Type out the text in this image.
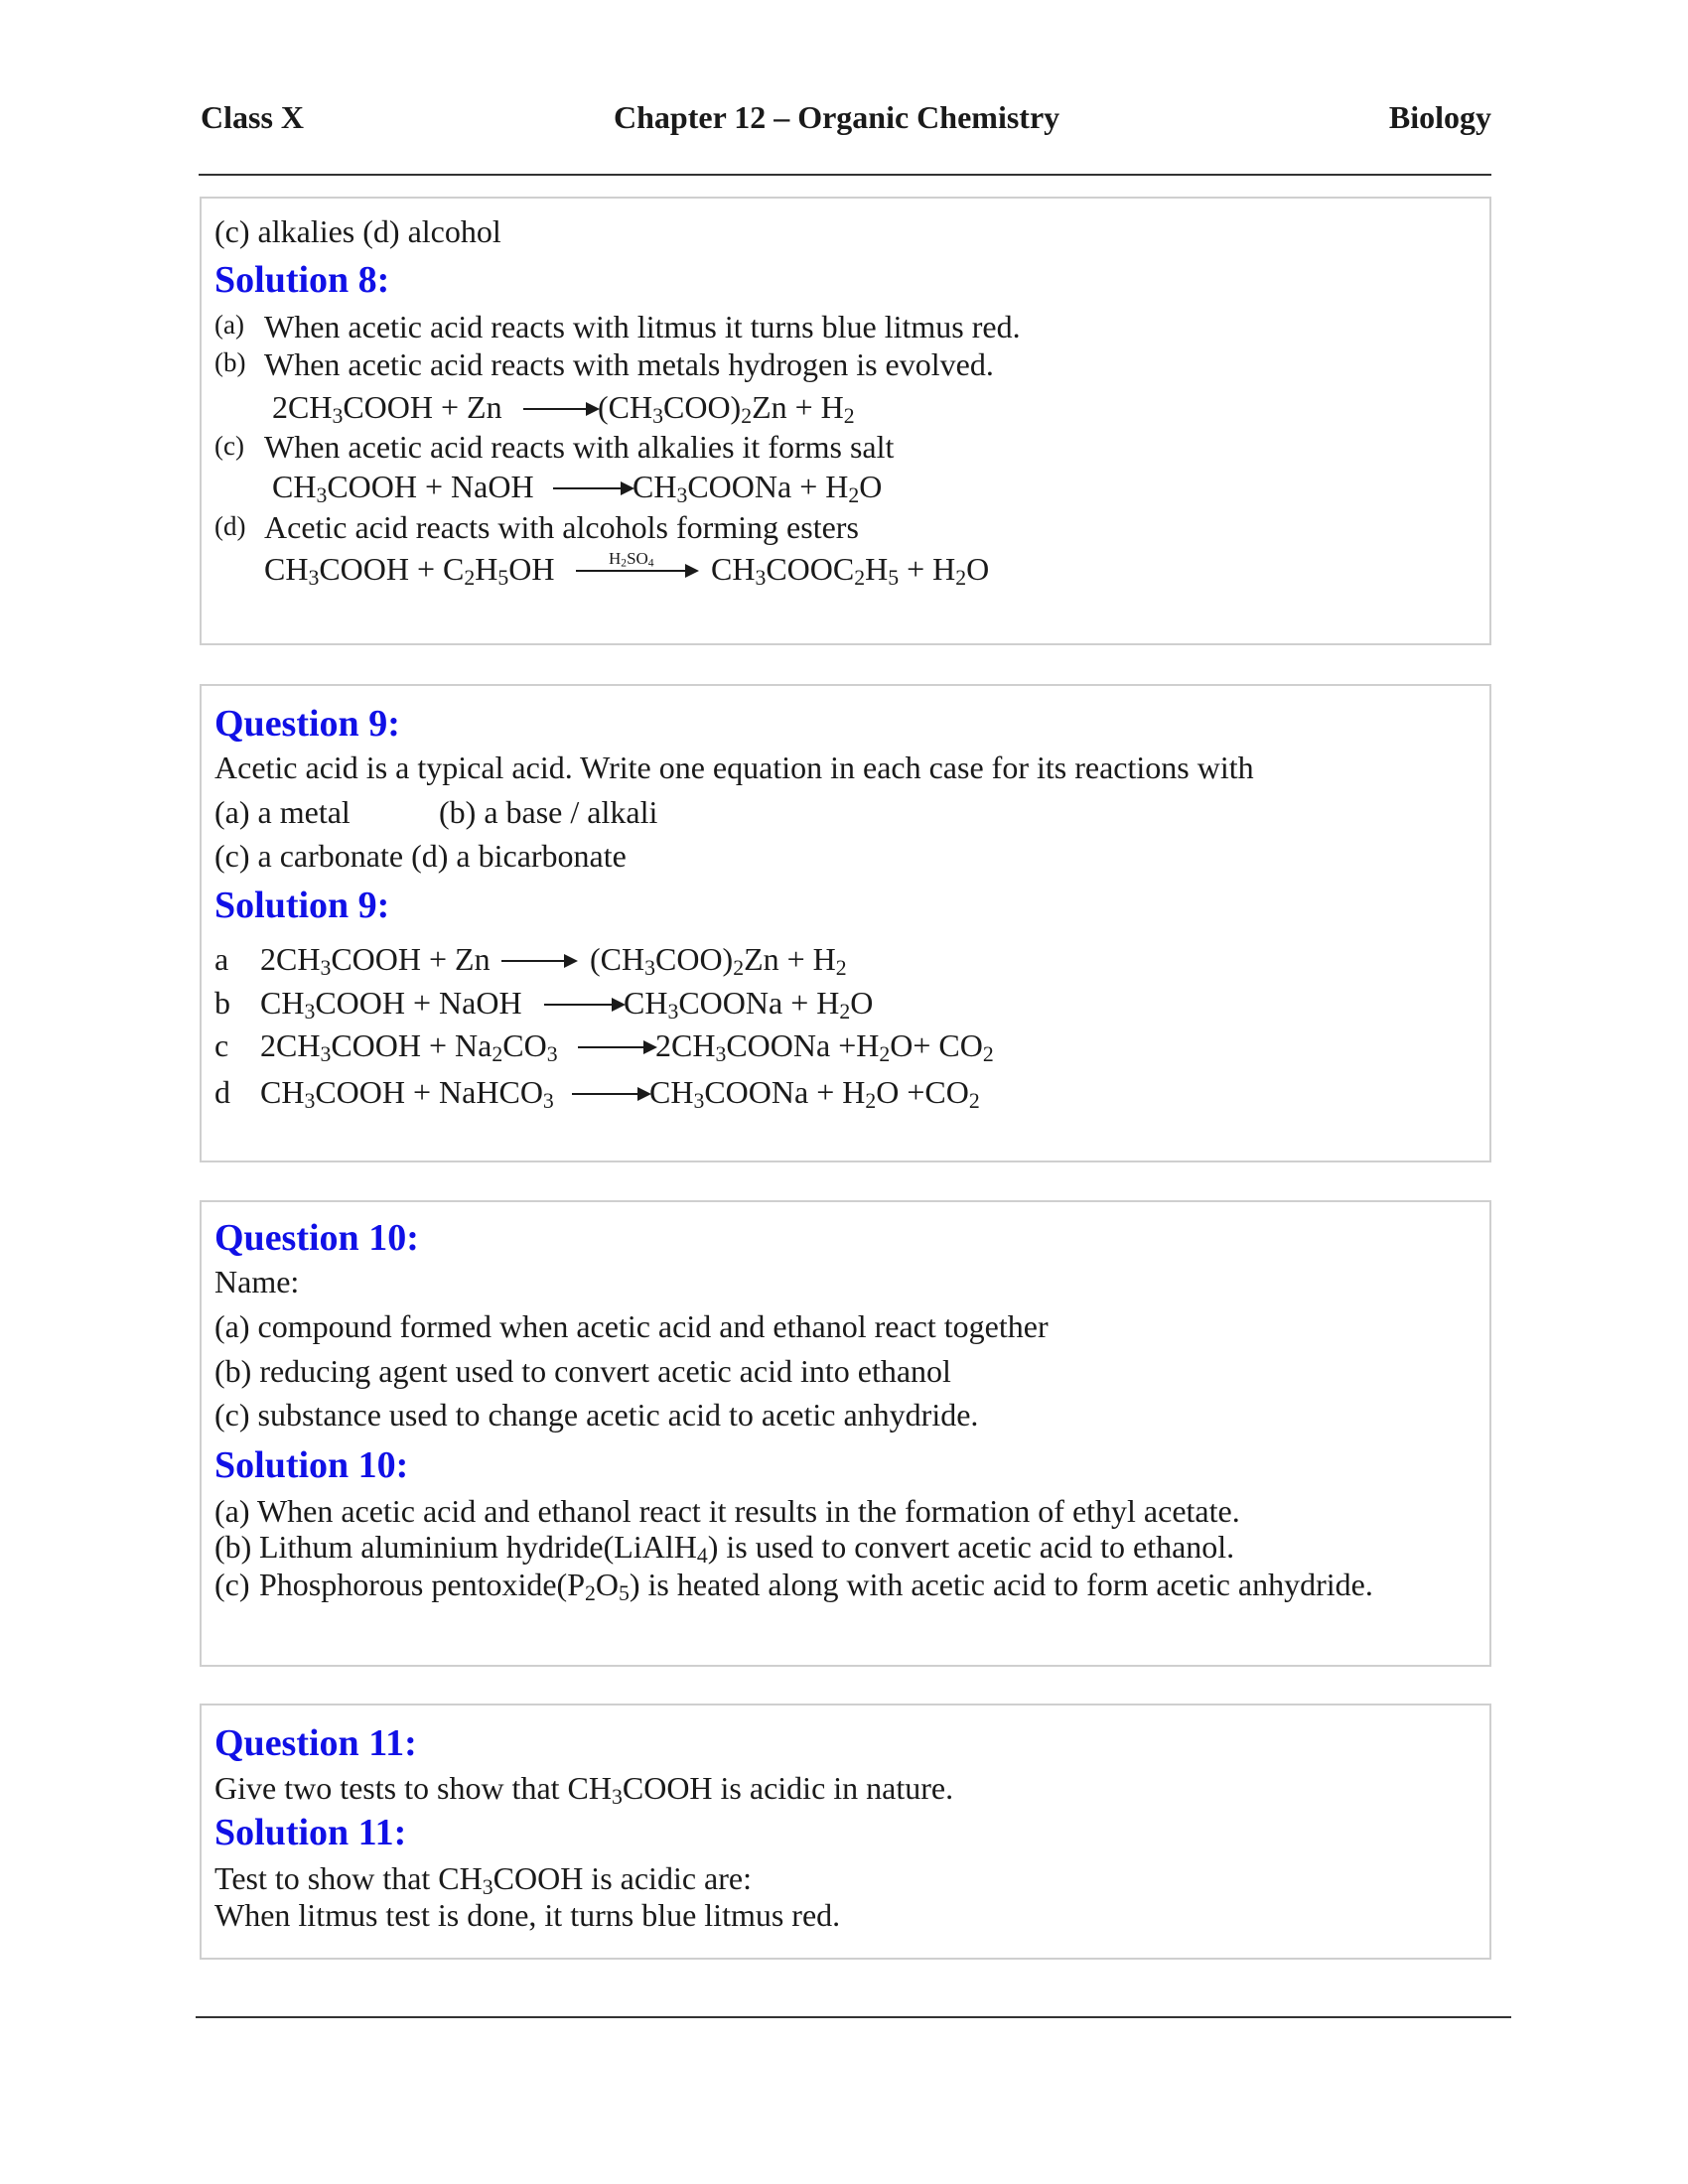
Class X	Chapter 12 – Organic Chemistry	Biology
(c) alkalies (d) alcohol
Solution 8:
(a) When acetic acid reacts with litmus it turns blue litmus red.
(b) When acetic acid reacts with metals hydrogen is evolved.
$2CH_3COOH + Zn$	$(CH_3COO)_2Zn + H_2$
(c) When acetic acid reacts with alkalies it forms salt
$CH_3COOH$ + NaOH	$CH_3COONa + H_2O$
(d) Acetic acid reacts with alcohols forming esters
$CH_3COOH + C_2H_5OH$	$H_2SO_4$ $CH_3COOC_2H_5 + H_2O$
Question 9:
Acetic acid is a typical acid. Write one equation in each case for its reactions with
(a) a metal	(b) a base / alkali
(c) a carbonate (d) a bicarbonate
Solution 9:
a $2CH_3COOH + Zn$	$(CH_3COO)_2Zn + H_2$
b $CH_3COOH$ + NaOH	$CH_3COONa + H_2O$
c $2CH_3COOH + Na_2CO_3$	$2CH_3COONa +H_2O+ CO_2$
d $CH_3COOH$ + NaHCO$_3$	$CH_3COONa + H_2O +CO_2$
Question 10:
Name:
(a) compound formed when acetic acid and ethanol react together
(b) reducing agent used to convert acetic acid into ethanol
(c) substance used to change acetic acid to acetic anhydride.
Solution 10:
(a) When acetic acid and ethanol react it results in the formation of ethyl acetate.
(b) Lithum aluminium hydride(LiAlH$_4$) is used to convert acetic acid to ethanol.
(c) Phosphorous $pentoxide(P_2O_5)$ is heated along with acetic acid to form acetic anhydride.
Question 11:
Give two tests to show that $CH_3COOH$ is acidic in nature.
Solution 11:
Test to show that $CH_3COOH$ is acidic are:
When litmus test is done, it turns blue litmus red.
